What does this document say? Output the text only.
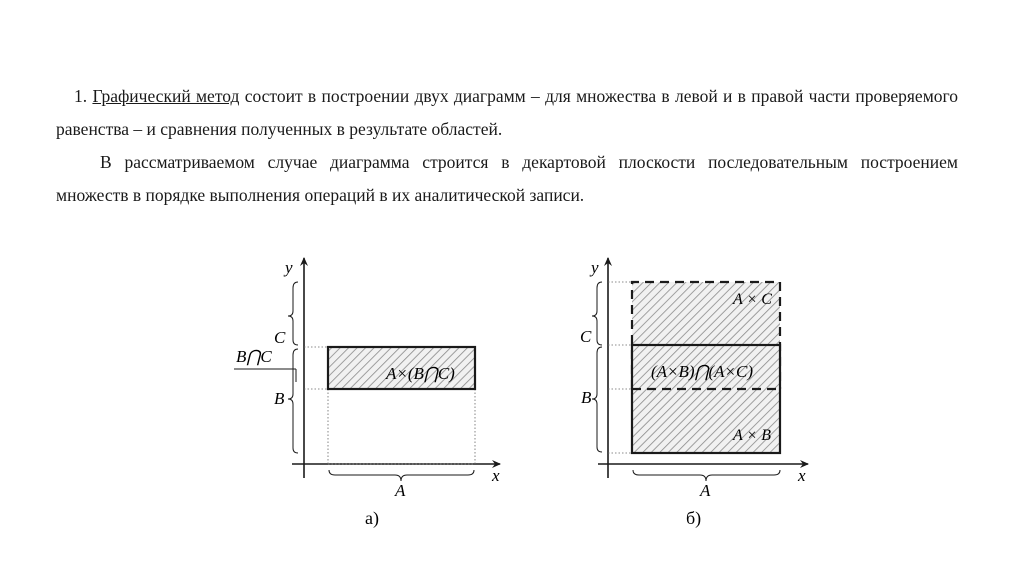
1. Графический метод состоит в построении двух диаграмм – для множества в левой и в правой части проверяемого равенства – и сравнения полученных в результате областей.

В рассматриваемом случае диаграмма строится в декартовой плоскости последовательным построением множеств в порядке выполнения операций в их аналитической записи.

y
x
A×(B⋂C)
C
B
B⋂C
A
а)
y
x
A × C
(A×B)⋂(A×C)
A × B
C
B
A
б)
